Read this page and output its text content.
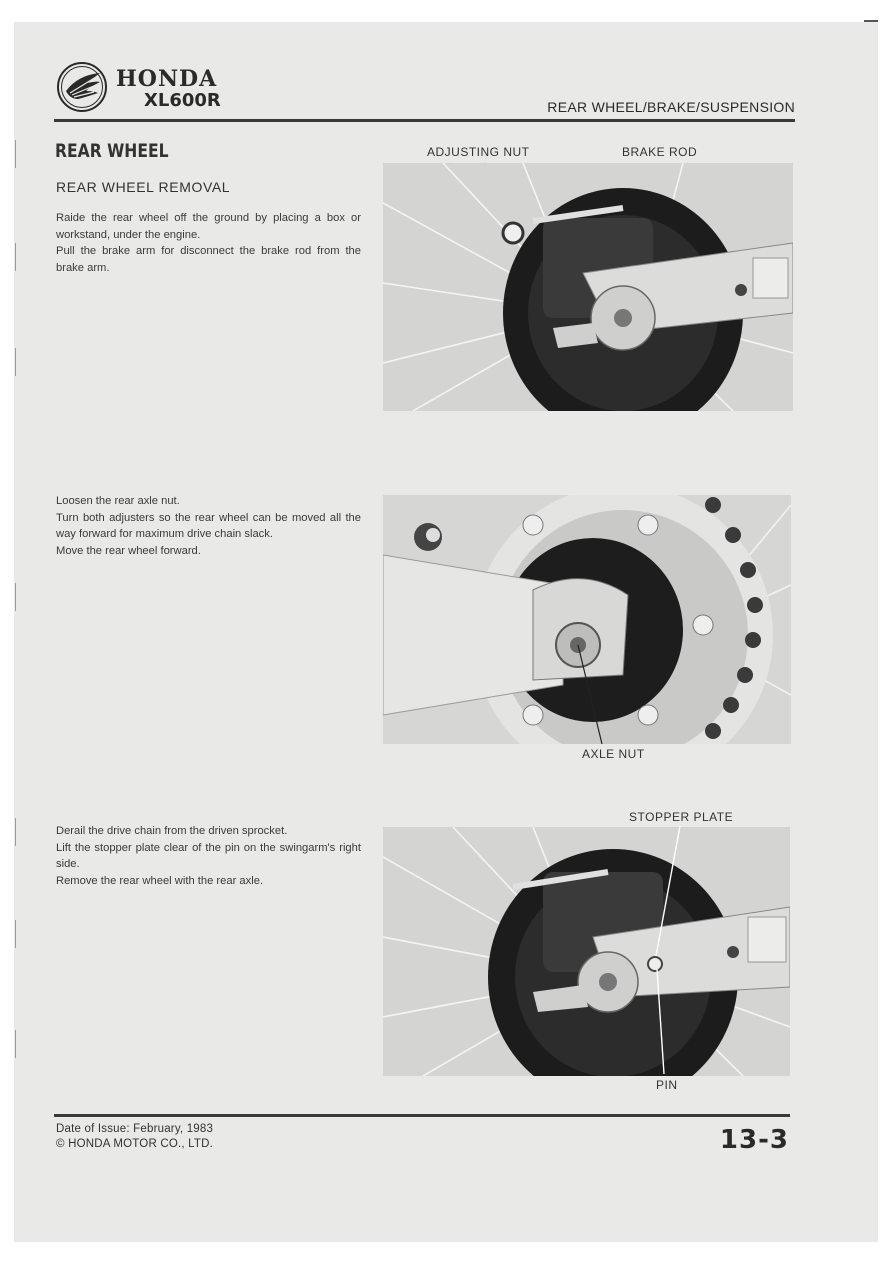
HONDA
XL600R	REAR WHEEL/BRAKE/SUSPENSION
REAR WHEEL
REAR WHEEL REMOVAL

Raide the rear wheel off the ground by placing a box or workstand, under the engine.

Pull the brake arm for disconnect the brake rod from the brake arm.

ADJUSTING NUT	BRAKE ROD

Loosen the rear axle nut.

Turn both adjusters so the rear wheel can be moved all the way forward for maximum drive chain slack.

Move the rear wheel forward.

AXLE NUT

Derail the drive chain from the driven sprocket.

Lift the stopper plate clear of the pin on the swingarm's right side.

Remove the rear wheel with the rear axle.

STOPPER PLATE
PIN
Date of Issue: February, 1983
© HONDA MOTOR CO., LTD.	13-3
